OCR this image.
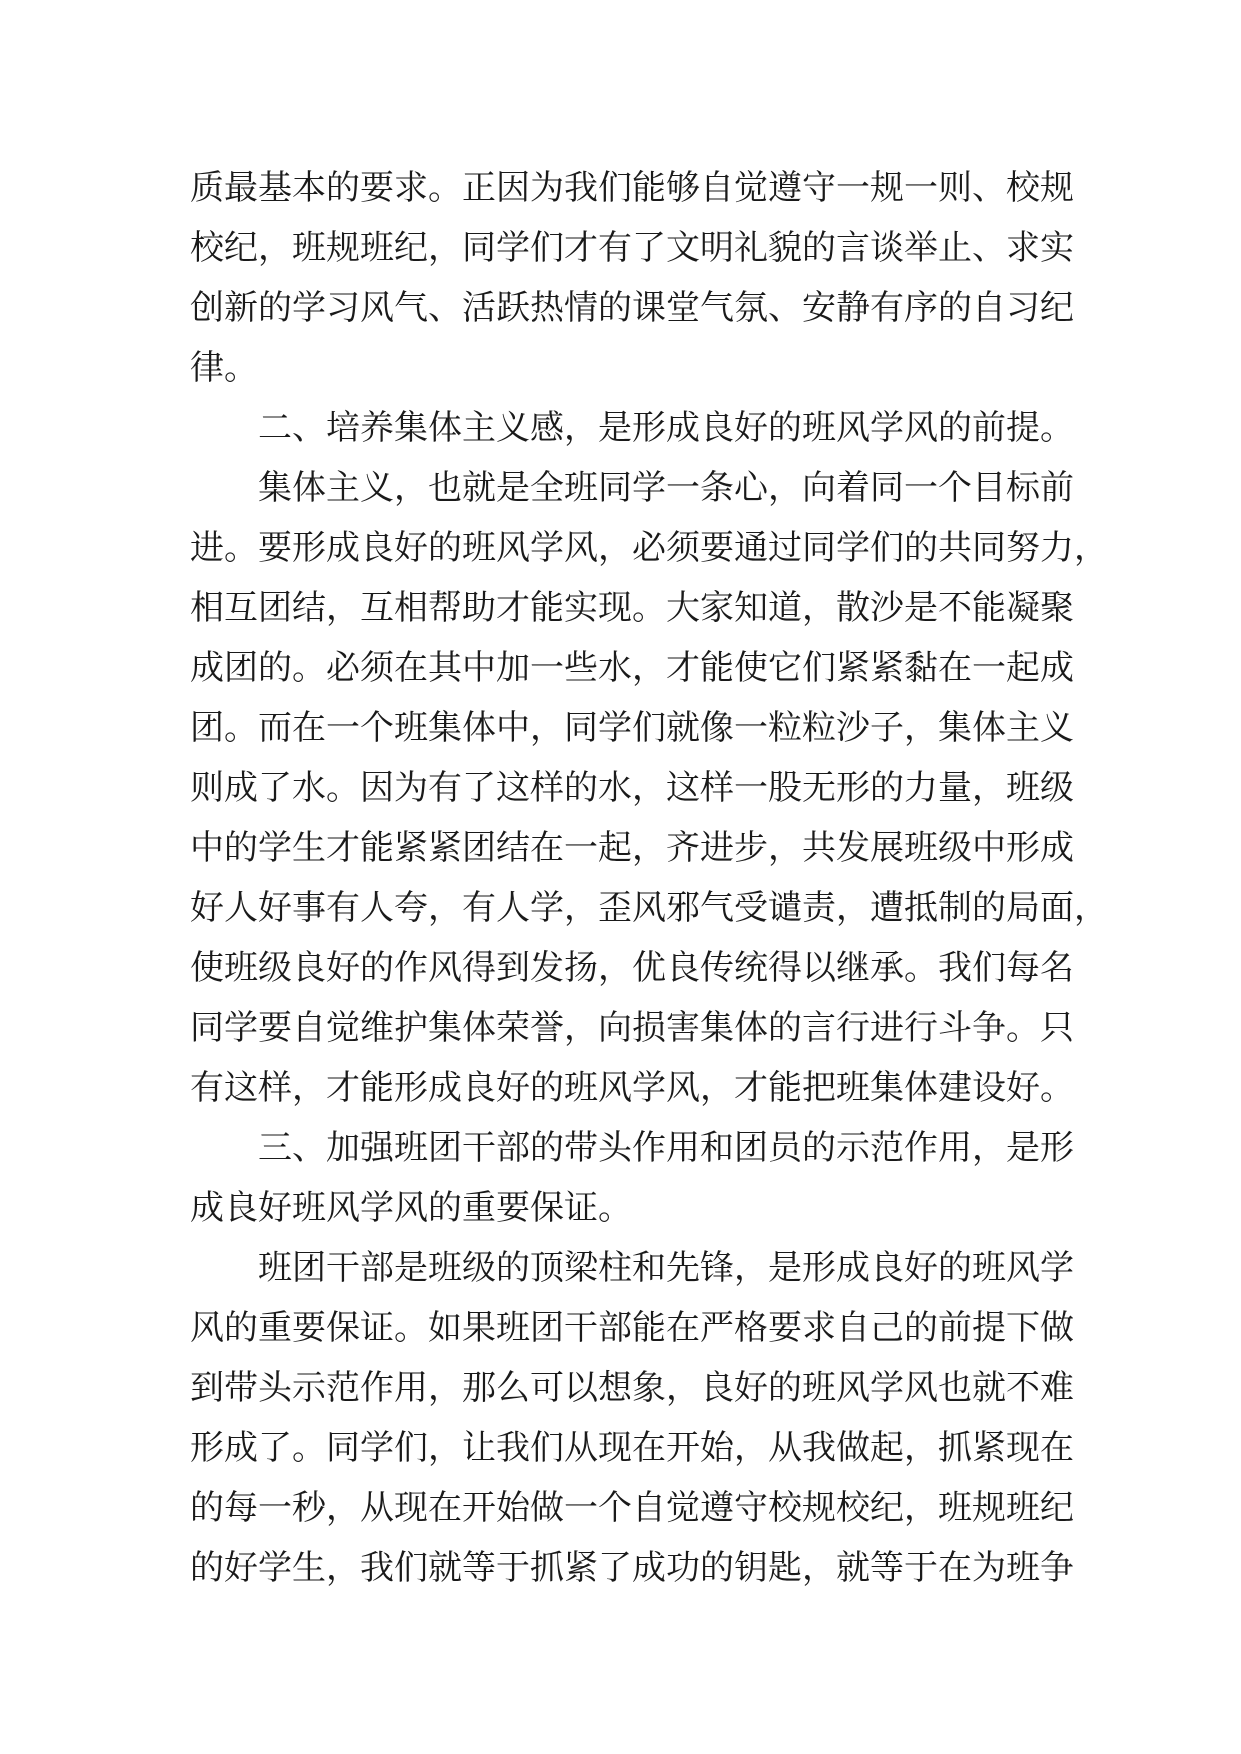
质最基本的要求。正因为我们能够自觉遵守一规一则、校规
校纪，班规班纪，同学们才有了文明礼貌的言谈举止、求实
创新的学习风气、活跃热情的课堂气氛、安静有序的自习纪
律。
二、培养集体主义感，是形成良好的班风学风的前提。
集体主义，也就是全班同学一条心，向着同一个目标前
进。要形成良好的班风学风，必须要通过同学们的共同努力，
相互团结，互相帮助才能实现。大家知道，散沙是不能凝聚
成团的。必须在其中加一些水，才能使它们紧紧黏在一起成
团。而在一个班集体中，同学们就像一粒粒沙子，集体主义
则成了水。因为有了这样的水，这样一股无形的力量，班级
中的学生才能紧紧团结在一起，齐进步，共发展班级中形成
好人好事有人夸，有人学，歪风邪气受谴责，遭抵制的局面，
使班级良好的作风得到发扬，优良传统得以继承。我们每名
同学要自觉维护集体荣誉，向损害集体的言行进行斗争。只
有这样，才能形成良好的班风学风，才能把班集体建设好。
三、加强班团干部的带头作用和团员的示范作用，是形
成良好班风学风的重要保证。
班团干部是班级的顶梁柱和先锋，是形成良好的班风学
风的重要保证。如果班团干部能在严格要求自己的前提下做
到带头示范作用，那么可以想象，良好的班风学风也就不难
形成了。同学们，让我们从现在开始，从我做起，抓紧现在
的每一秒，从现在开始做一个自觉遵守校规校纪，班规班纪
的好学生，我们就等于抓紧了成功的钥匙，就等于在为班争
